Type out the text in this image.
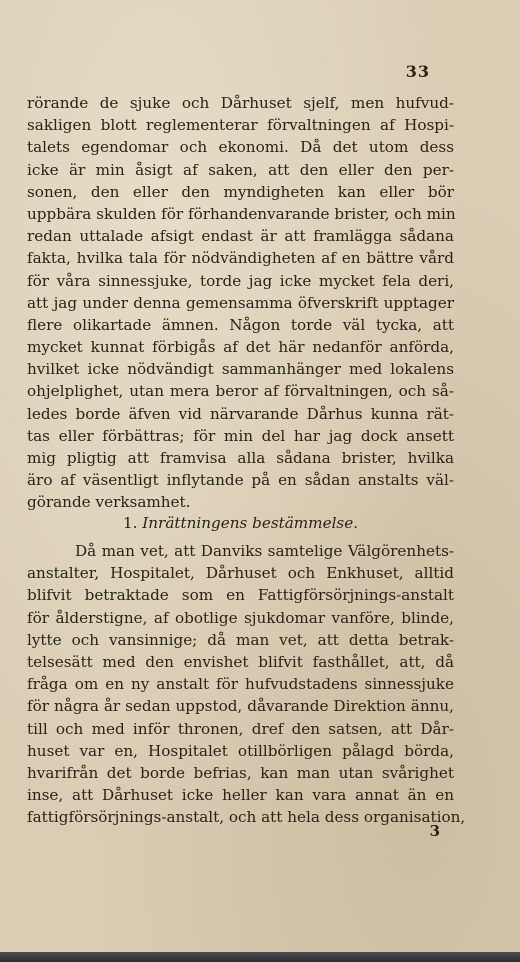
33
rörande de sjuke och Dårhuset sjelf, men hufvud-
sakligen blott reglementerar förvaltningen af Hospi-
talets egendomar och ekonomi. Då det utom dess
icke är min åsigt af saken, att den eller den per-
sonen, den eller den myndigheten kan eller bör
uppbära skulden för förhandenvarande brister, och min
redan uttalade afsigt endast är att framlägga sådana
fakta, hvilka tala för nödvändigheten af en bättre vård
för våra sinnessjuke, torde jag icke mycket fela deri,
att jag under denna gemensamma öfverskrift upptager
flere olikartade ämnen. Någon torde väl tycka, att
mycket kunnat förbigås af det här nedanför anförda,
hvilket icke nödvändigt sammanhänger med lokalens
ohjelplighet, utan mera beror af förvaltningen, och så-
ledes borde äfven vid närvarande Dårhus kunna rät-
tas eller förbättras; för min del har jag dock ansett
mig pligtig att framvisa alla sådana brister, hvilka
äro af väsentligt inflytande på en sådan anstalts väl-
görande verksamhet.
1. Inrättningens bestämmelse.
Då man vet, att Danviks samtelige Välgörenhets-
anstalter, Hospitalet, Dårhuset och Enkhuset, alltid
blifvit betraktade som en Fattigförsörjnings-anstalt
för ålderstigne, af obotlige sjukdomar vanföre, blinde,
lytte och vansinnige; då man vet, att detta betrak-
telsesätt med den envishet blifvit fasthållet, att, då
fråga om en ny anstalt för hufvudstadens sinnessjuke
för några år sedan uppstod, dåvarande Direktion ännu,
till och med inför thronen, dref den satsen, att Dår-
huset var en, Hospitalet otillbörligen pålagd börda,
hvarifrån det borde befrias, kan man utan svårighet
inse, att Dårhuset icke heller kan vara annat än en
fattigförsörjnings-anstalt, och att hela dess organisation,
3
